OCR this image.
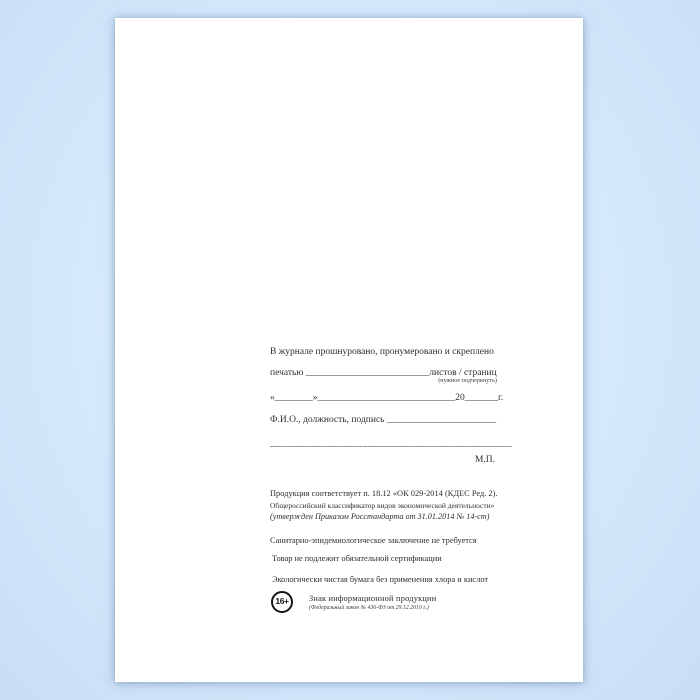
В журнале прошнуровано, пронумеровано и скреплено
печатью __________________________листов / страниц
(нужное подчеркнуть)
«________»_____________________________20_______г.
Ф.И.О., должность, подпись _______________________
_______________________________________________
М.П.
Продукция соответствует п. 18.12 «ОК 029-2014 (КДЕС Ред. 2).
Общероссийский классификатор видов экономической деятельности»
(утвержден Приказом Росстандарта от 31.01.2014 № 14-ст)
Санитарно-эпидемиологическое заключение не требуется
Товар не подлежит обязательной сертификации
Экологически чистая бумага без применения хлора и кислот
16+	Знак информационной продукции
(Федеральный закон № 436-ФЗ от 29.12.2010 г.)
